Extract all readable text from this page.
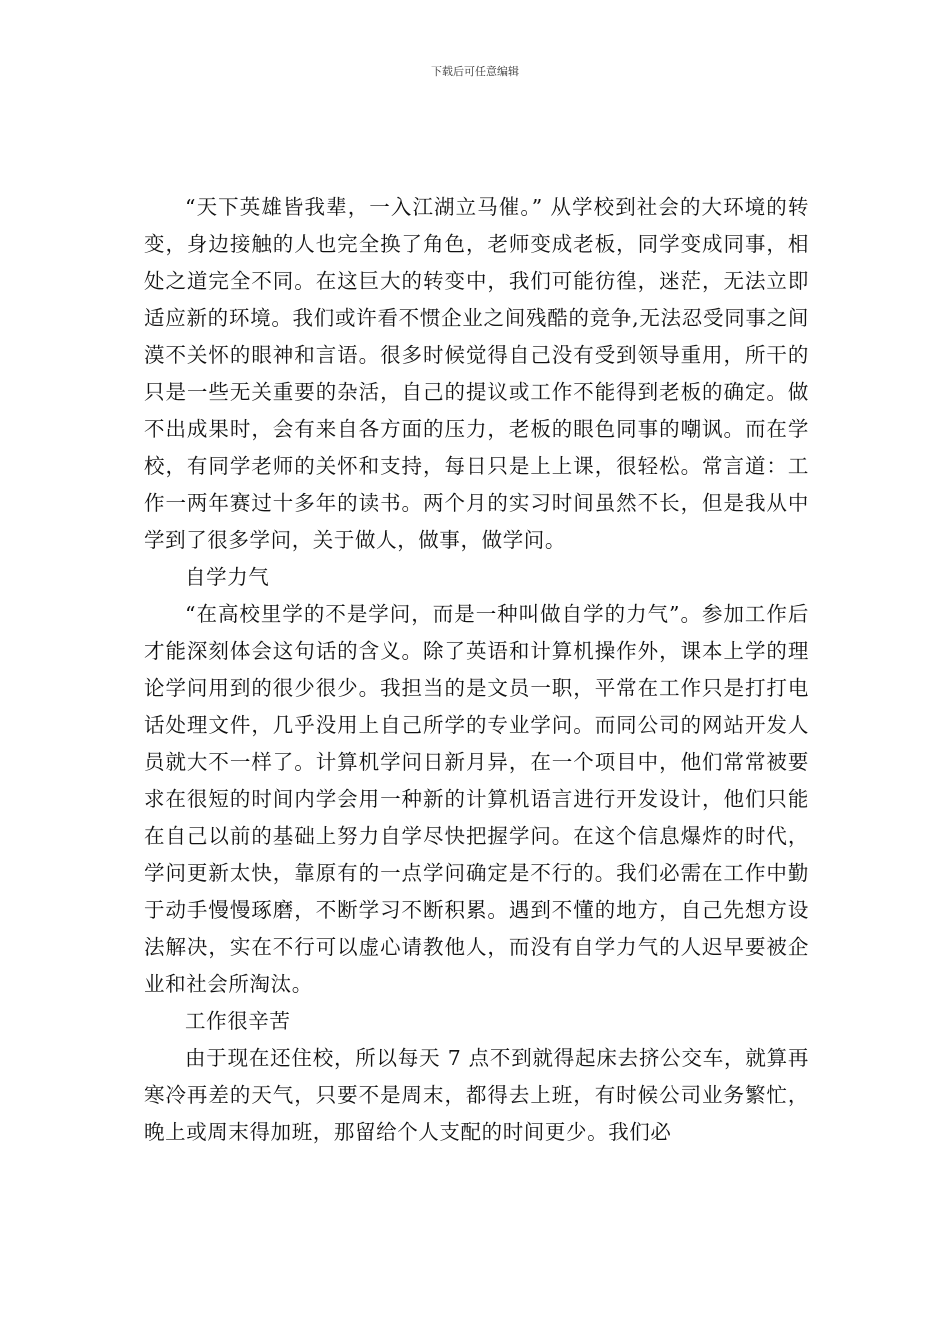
下载后可任意编辑

“天下英雄皆我辈，一入江湖立马催。” 从学校到社会的大环境的转变，身边接触的人也完全换了角色，老师变成老板，同学变成同事，相处之道完全不同。在这巨大的转变中，我们可能彷徨，迷茫，无法立即适应新的环境。我们或许看不惯企业之间残酷的竞争,无法忍受同事之间漠不关怀的眼神和言语。很多时候觉得自己没有受到领导重用，所干的只是一些无关重要的杂活，自己的提议或工作不能得到老板的确定。做不出成果时，会有来自各方面的压力，老板的眼色同事的嘲讽。而在学校，有同学老师的关怀和支持，每日只是上上课，很轻松。常言道：工作一两年赛过十多年的读书。两个月的实习时间虽然不长，但是我从中学到了很多学问，关于做人，做事，做学问。

自学力气

“在高校里学的不是学问，而是一种叫做自学的力气”。参加工作后才能深刻体会这句话的含义。除了英语和计算机操作外，课本上学的理论学问用到的很少很少。我担当的是文员一职，平常在工作只是打打电话处理文件，几乎没用上自己所学的专业学问。而同公司的网站开发人员就大不一样了。计算机学问日新月异，在一个项目中，他们常常被要求在很短的时间内学会用一种新的计算机语言进行开发设计，他们只能在自己以前的基础上努力自学尽快把握学问。在这个信息爆炸的时代，学问更新太快，靠原有的一点学问确定是不行的。我们必需在工作中勤于动手慢慢琢磨，不断学习不断积累。遇到不懂的地方，自己先想方设法解决，实在不行可以虚心请教他人，而没有自学力气的人迟早要被企业和社会所淘汰。

工作很辛苦

由于现在还住校，所以每天 7 点不到就得起床去挤公交车，就算再寒冷再差的天气，只要不是周末，都得去上班，有时候公司业务繁忙，晚上或周末得加班，那留给个人支配的时间更少。我们必
